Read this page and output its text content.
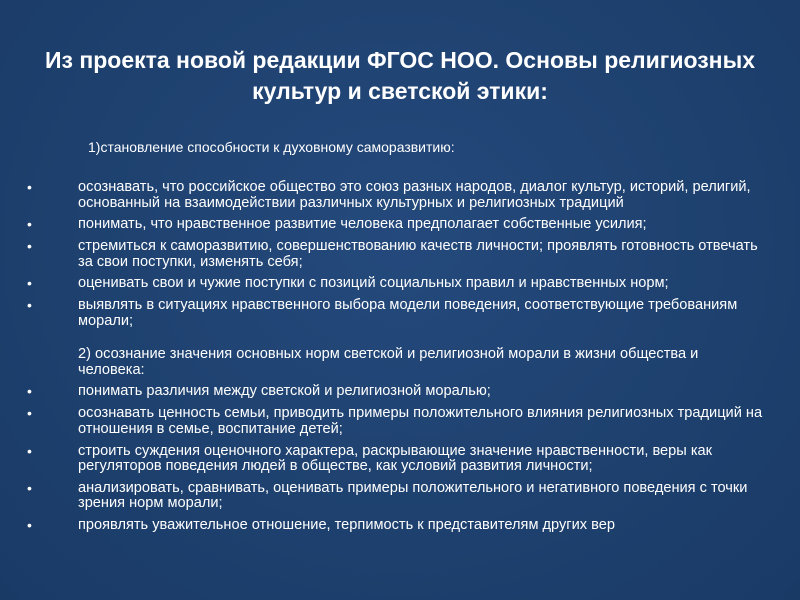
Из проекта новой редакции ФГОС НОО. Основы религиозных культур и светской этики:

1)становление способности к духовному саморазвитию:

•	осознавать, что российское общество это союз разных народов, диалог культур, историй, религий, основанный на взаимодействии различных культурных и религиозных традиций
•	понимать, что нравственное развитие человека предполагает собственные усилия;
•	стремиться к саморазвитию, совершенствованию качеств личности; проявлять готовность отвечать за свои поступки, изменять себя;
•	оценивать свои и чужие поступки с позиций социальных правил и нравственных норм;
•	выявлять в ситуациях нравственного выбора модели поведения, соответствующие требованиям морали;
2) осознание значения основных норм светской и религиозной морали в жизни общества и человека:
•	понимать различия между светской и религиозной моралью;
•	осознавать ценность семьи, приводить примеры положительного влияния религиозных традиций на отношения в семье, воспитание детей;
•	строить суждения оценочного характера, раскрывающие значение нравственности, веры как регуляторов поведения людей в обществе, как условий развития личности;
•	анализировать, сравнивать, оценивать примеры положительного и негативного поведения с точки зрения норм морали;
•	проявлять уважительное отношение, терпимость к представителям других вер
